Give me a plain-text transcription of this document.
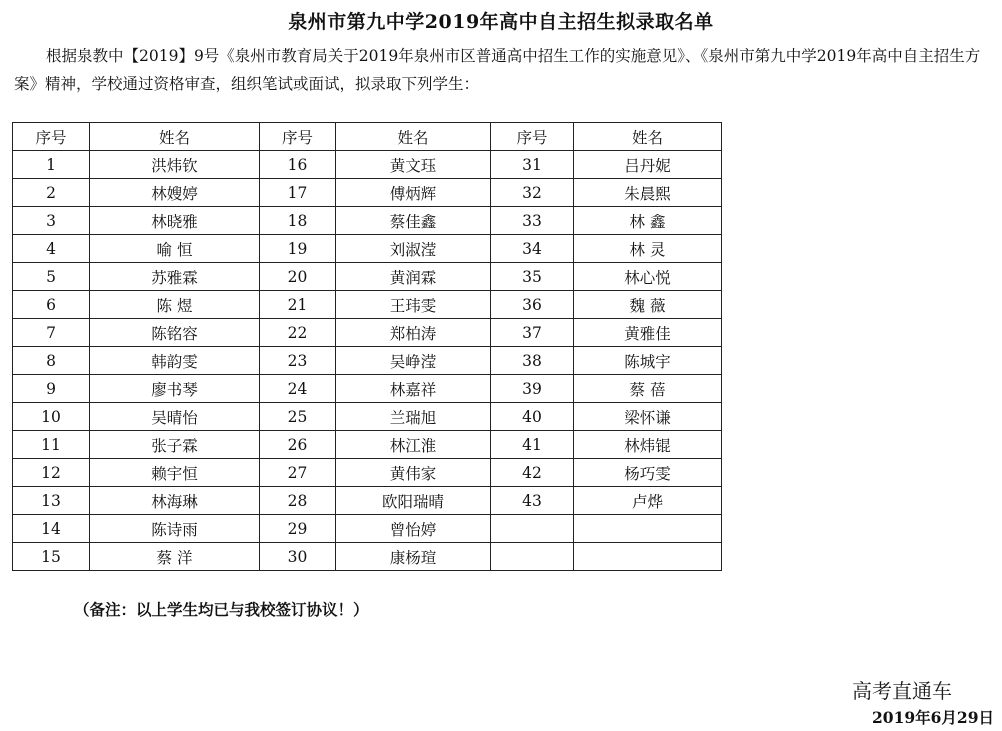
泉州市第九中学2019年高中自主招生拟录取名单
根据泉教中【2019】9号《泉州市教育局关于2019年泉州市区普通高中招生工作的实施意见》、《泉州市第九中学2019年高中自主招生方案》精神，学校通过资格审查，组织笔试或面试，拟录取下列学生：
序号	姓名	序号	姓名	序号	姓名
1	洪炜钦	16	黄文珏	31	吕丹妮
2	林嫂婷	17	傅炳辉	32	朱晨熙
3	林晓雅	18	蔡佳鑫	33	林 鑫
4	喻 恒	19	刘淑滢	34	林 灵
5	苏雅霖	20	黄润霖	35	林心悦
6	陈 煜	21	王玮雯	36	魏 薇
7	陈铭容	22	郑柏涛	37	黄雅佳
8	韩韵雯	23	吴峥滢	38	陈城宇
9	廖书琴	24	林嘉祥	39	蔡 蓓
10	吴晴怡	25	兰瑞旭	40	梁怀谦
11	张子霖	26	林江淮	41	林炜锟
12	赖宇恒	27	黄伟家	42	杨巧雯
13	林海琳	28	欧阳瑞晴	43	卢烨
14	陈诗雨	29	曾怡婷		
15	蔡 洋	30	康杨瑄		
（备注：以上学生均已与我校签订协议！）
高考直通车
2019年6月29日
